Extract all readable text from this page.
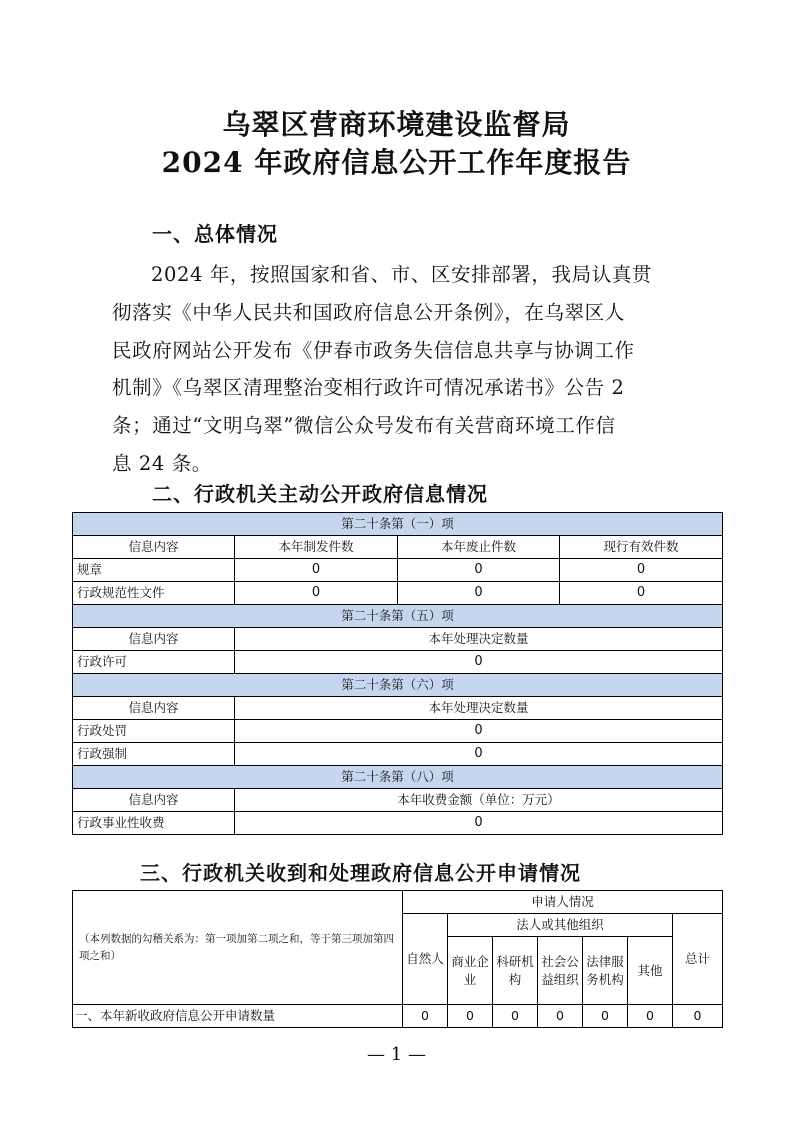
乌翠区营商环境建设监督局
2024 年政府信息公开工作年度报告
一、总体情况
2024 年，按照国家和省、市、区安排部署，我局认真贯
彻落实《中华人民共和国政府信息公开条例》，在乌翠区人
民政府网站公开发布《伊春市政务失信信息共享与协调工作
机制》《乌翠区清理整治变相行政许可情况承诺书》公告 2
条；通过“文明乌翠”微信公众号发布有关营商环境工作信
息 24 条。
二、行政机关主动公开政府信息情况
第二十条第（一）项			
信息内容	本年制发件数	本年废止件数	现行有效件数
规章	0	0	0
行政规范性文件	0	0	0
第二十条第（五）项			
信息内容	本年处理决定数量		
行政许可	0		
第二十条第（六）项			
信息内容	本年处理决定数量		
行政处罚	0		
行政强制	0		
第二十条第（八）项			
信息内容	本年收费金额（单位：万元）		
行政事业性收费	0		
三、行政机关收到和处理政府信息公开申请情况
（本列数据的勾稽关系为：第一项加第二项之和，等于第三项加第四项之和）	申请人情况						
	自然人	法人或其他组织					总计
		商业企业	科研机构	社会公益组织	法律服务机构	其他	
一、本年新收政府信息公开申请数量	0	0	0	0	0	0	0
— 1 —
